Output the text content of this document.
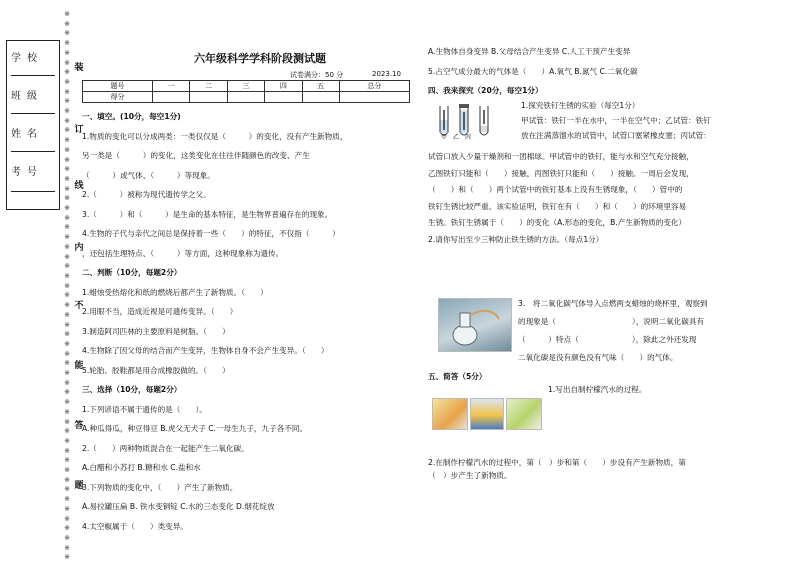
学校
班级
姓名
考号
※
※
※
※
※
※
※
※
※
※
※
※
※
※
※
※
※
※
※
※
※
※
※
※
※
※
※
※
※
※
※
※
※
※
※
※
※
※
※
※
※
※
※
※
※
※
※
※
※
※
※
※
※
※
※
※
※
装
订
线
内
不
能
答
题
六年级科学学科阶段测试题
试卷满分：50 分	2023.10
题号	一	二	三	四	五	总分
得分						
一、填空。(10分，每空1分)
1.物质的变化可以分成两类：一类仅仅是（　　　）的变化，没有产生新物质，
另一类是（　　　）的变化，这类变化在往往伴随颜色的改变、产生
（　　　）或气体、（　　　）等现象。
2.（　　　）被称为现代遗传学之父。
3.（　　　）和（　　　）是生命的基本特征，是生物界普遍存在的现象。
4.生物的子代与亲代之间总是保持着一些（　　）的特征，不仅指（　　　）
，还包括生理特点、（　　　）等方面，这种现象称为遗传。
二、判断（10分，每题2分）
1.蜡烛受热熔化和纸的燃烧后都产生了新物质。（　　）
2.用眼不当，造成近视是可遗传变异。（　　）
3.制造阿司匹林的主要原料是树脂。（　　）
4.生物除了因父母的结合而产生变异，生物体自身不会产生变异。（　　）
5.轮胎、胶鞋都是用合成橡胶做的。（　　）
三、选择（10分，每题2分）
1.下列谚语不属于遗传的是（　　）。
A.种瓜得瓜，种豆得豆 B.虎父无犬子 C.一母生九子，九子各不同。
2.（　　）两种物质混合在一起能产生二氧化碳。
A.白醋和小苏打 B.糖和水 C.盐和水
3.下列物质的变化中，（　　）产生了新物质。
A.易拉罐压扁 B. 铁水变铜锭 C.水的三态变化 D.烟花绽放
4.太空椒属于（　　）类变异。
A.生物体自身变异 B.父母结合产生变异 C.人工干预产生变异
5.占空气成分最大的气体是（　　）A.氧气 B.氮气 C.二氧化碳
四、我来探究（20分，每空1分）
甲　乙　丙
1.探究铁钉生锈的实验（每空1分）
甲试管：铁钉一半在水中，一半在空气中；乙试管：铁钉
放在注满蒸馏水的试管中，试管口塞紧橡皮塞；丙试管：
试管口放入少量干燥剂和一团棉球。甲试管中的铁钉，能与水和空气充分接触，
乙图铁钉只能和（　　）接触，丙图铁钉只能和（　　）接触。一周后会发现，
（　　）和（　　）两个试管中的铁钉基本上没有生锈现象，（　　）管中的
铁钉生锈比较严重。该实验证明，铁钉在有（　　）和（　　）的环境里容易
生锈。铁钉生锈属于（　　）的变化（A.形态的变化，B.产生新物质的变化）
2.请你写出至少三种防止铁生锈的方法。（每点1分）
3.　将二氧化碳气体导入点燃两支蜡烛的烧杯里，观察到
的现象是（　　　　　　　　　　），说明二氧化碳具有
（　　　）特点（　　　　　　　），除此之外还发现
二氧化碳是没有颜色没有气味（　　）的气体。
五、简答（5分）
1.写出自制柠檬汽水的过程。
2.在制作柠檬汽水的过程中，第（　）步和第（　　）步设有产生新物质，第
（　）步产生了新物质。
